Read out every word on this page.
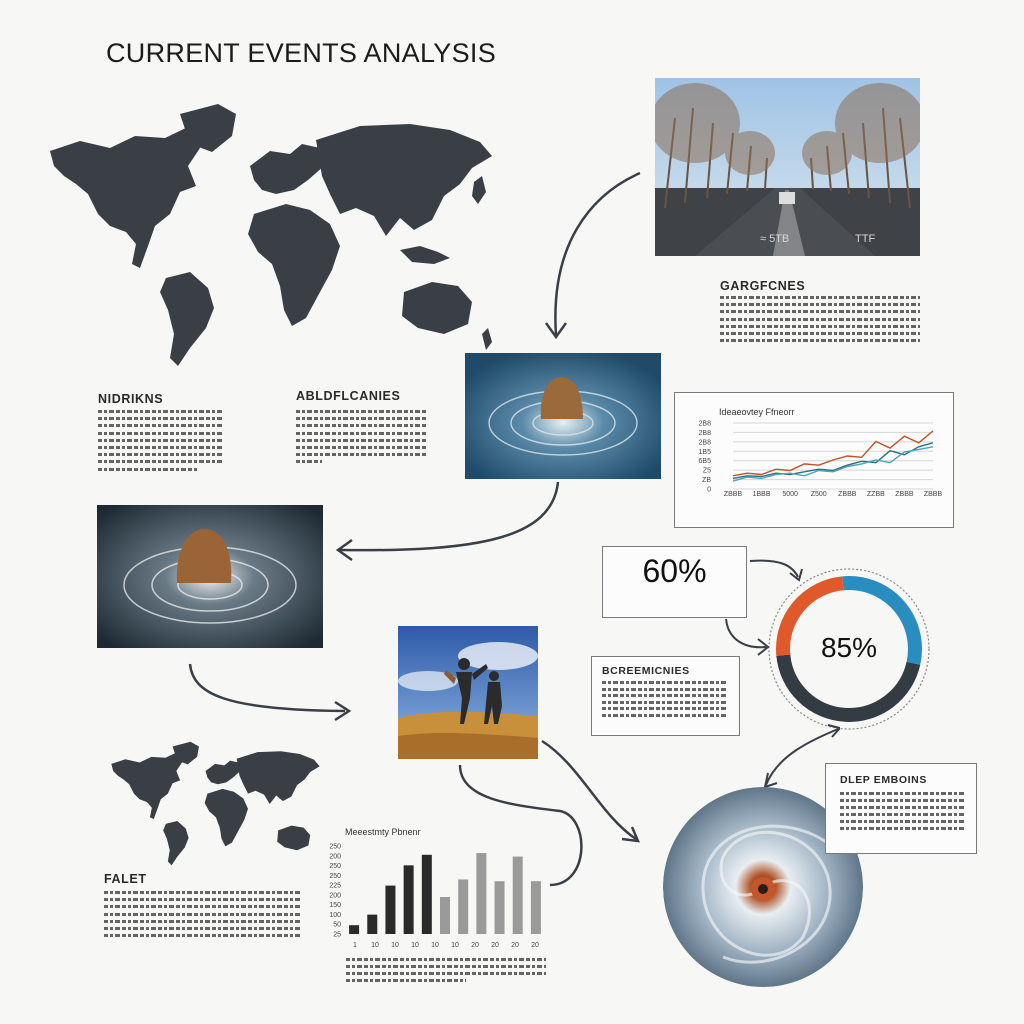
CURRENT EVENTS ANALYSIS
≈ 5TB	TTF
GARGFCNES
NIDRIKNS	ABLDFLCANIES
Ideaeovtey Ffneorr
0
ZB
Z5
6B5
1B5
2B8
2B8
2B8
ZBBB 1BBB 5000 Z500 ZBBB ZZBB ZBBB ZBBB
60%
85%
BCREEMICNIES
FALET
Meeestmty Pbnenr
25
50
100
150
200
225
250
250
200
250
1 10 10 10 10 10 20 20 20 20
DLEP EMBOINS
